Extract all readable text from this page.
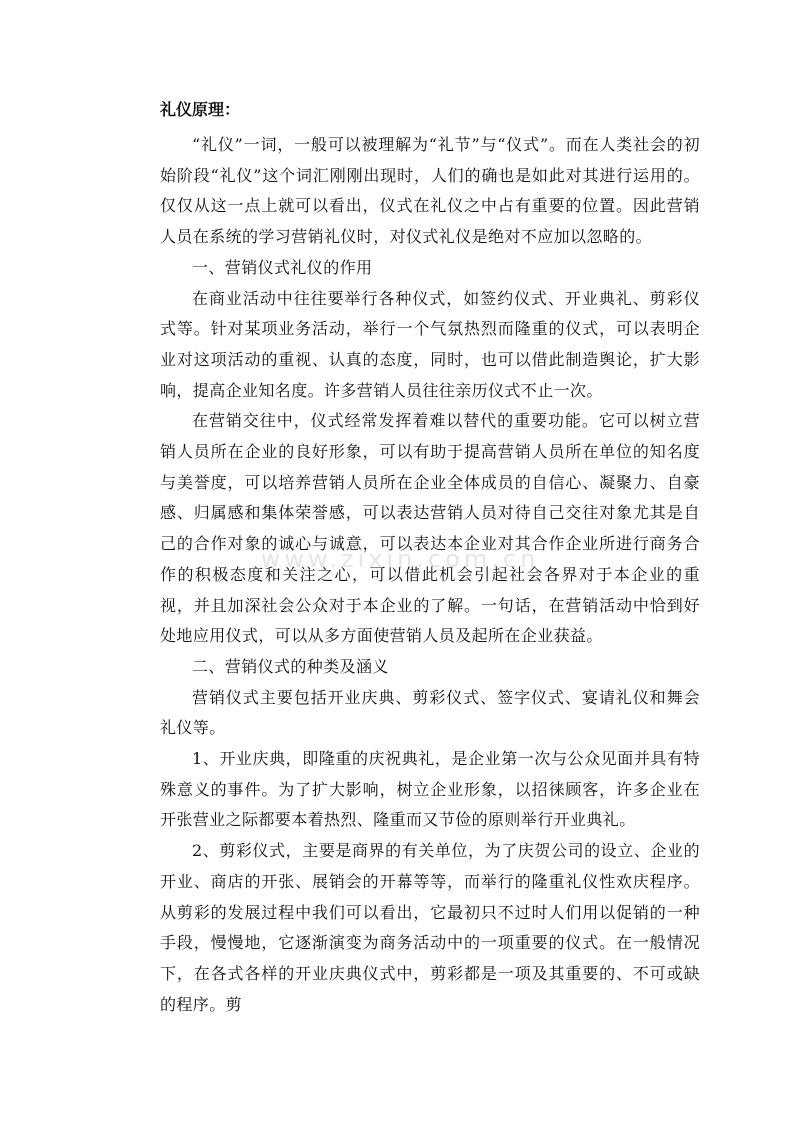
www.zixin.com.cn
礼仪原理：

“礼仪”一词，一般可以被理解为“礼节”与“仪式”。而在人类社会的初始阶段“礼仪”这个词汇刚刚出现时，人们的确也是如此对其进行运用的。仅仅从这一点上就可以看出，仪式在礼仪之中占有重要的位置。因此营销人员在系统的学习营销礼仪时，对仪式礼仪是绝对不应加以忽略的。

一、营销仪式礼仪的作用

在商业活动中往往要举行各种仪式，如签约仪式、开业典礼、剪彩仪式等。针对某项业务活动，举行一个气氛热烈而隆重的仪式，可以表明企业对这项活动的重视、认真的态度，同时，也可以借此制造舆论，扩大影响，提高企业知名度。许多营销人员往往亲历仪式不止一次。

在营销交往中，仪式经常发挥着难以替代的重要功能。它可以树立营销人员所在企业的良好形象，可以有助于提高营销人员所在单位的知名度与美誉度，可以培养营销人员所在企业全体成员的自信心、凝聚力、自豪感、归属感和集体荣誉感，可以表达营销人员对待自己交往对象尤其是自己的合作对象的诚心与诚意，可以表达本企业对其合作企业所进行商务合作的积极态度和关注之心，可以借此机会引起社会各界对于本企业的重视，并且加深社会公众对于本企业的了解。一句话，在营销活动中恰到好处地应用仪式，可以从多方面使营销人员及起所在企业获益。

二、营销仪式的种类及涵义

营销仪式主要包括开业庆典、剪彩仪式、签字仪式、宴请礼仪和舞会礼仪等。

1、开业庆典，即隆重的庆祝典礼，是企业第一次与公众见面并具有特殊意义的事件。为了扩大影响，树立企业形象，以招徕顾客，许多企业在开张营业之际都要本着热烈、隆重而又节俭的原则举行开业典礼。

2、剪彩仪式，主要是商界的有关单位，为了庆贺公司的设立、企业的开业、商店的开张、展销会的开幕等等，而举行的隆重礼仪性欢庆程序。从剪彩的发展过程中我们可以看出，它最初只不过时人们用以促销的一种手段，慢慢地，它逐渐演变为商务活动中的一项重要的仪式。在一般情况下，在各式各样的开业庆典仪式中，剪彩都是一项及其重要的、不可或缺的程序。剪
